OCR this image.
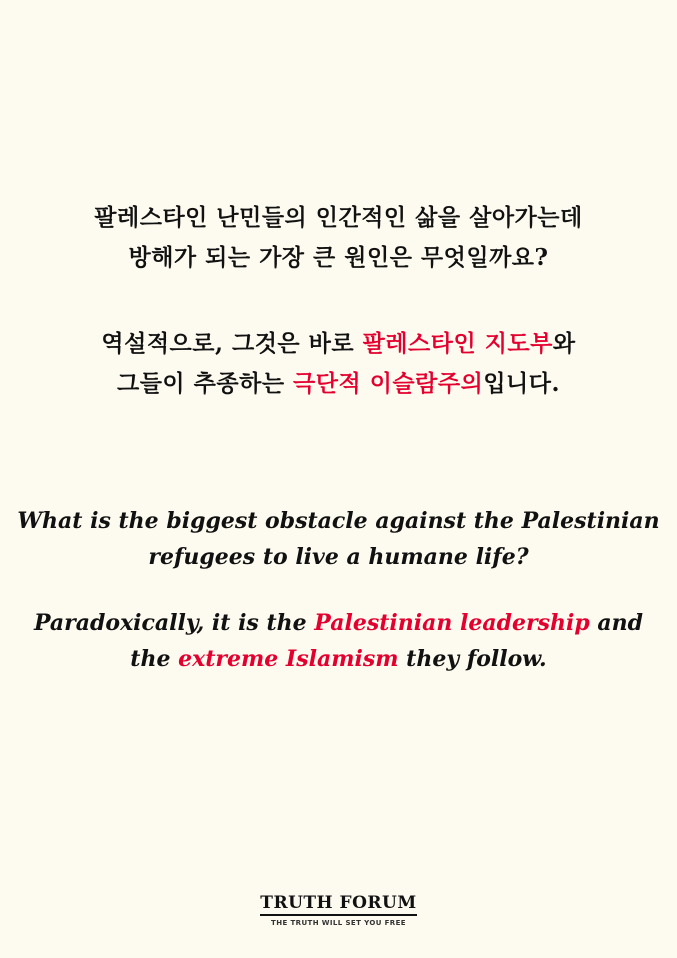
팔레스타인 난민들의 인간적인 삶을 살아가는데
방해가 되는 가장 큰 원인은 무엇일까요?
역설적으로, 그것은 바로 팔레스타인 지도부와
그들이 추종하는 극단적 이슬람주의입니다.
What is the biggest obstacle against the Palestinian
refugees to live a humane life?
Paradoxically, it is the Palestinian leadership and
the extreme Islamism they follow.
TRUTH FORUM
THE TRUTH WILL SET YOU FREE
